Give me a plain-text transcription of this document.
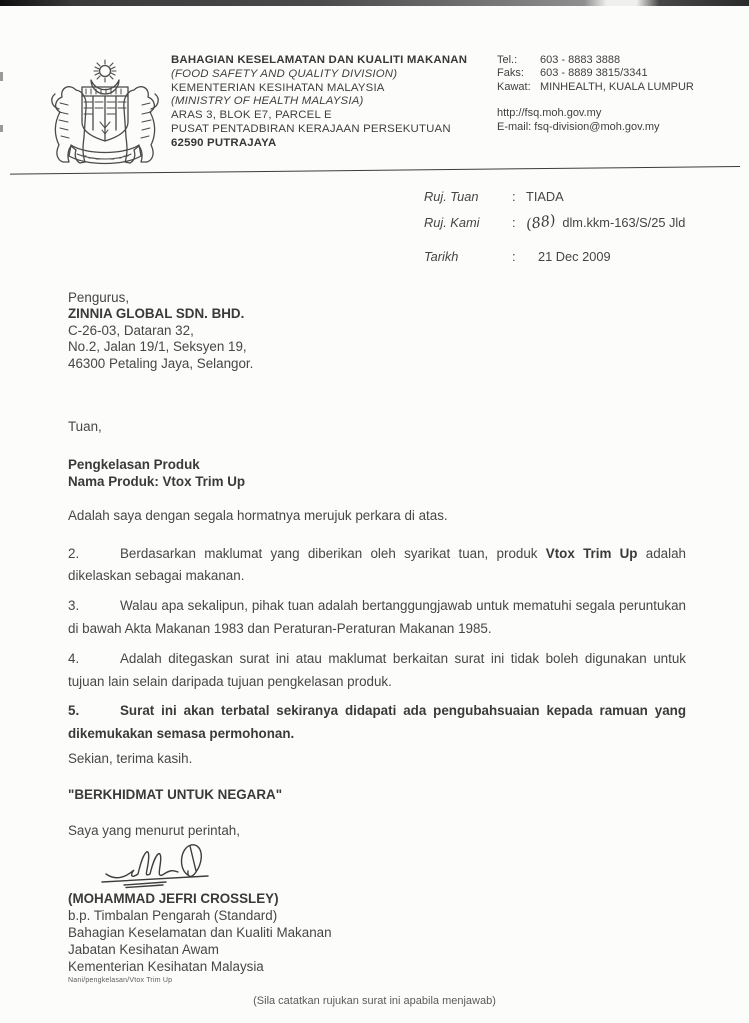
BAHAGIAN KESELAMATAN DAN KUALITI MAKANAN
(FOOD SAFETY AND QUALITY DIVISION)
KEMENTERIAN KESIHATAN MALAYSIA
(MINISTRY OF HEALTH MALAYSIA)
ARAS 3, BLOK E7, PARCEL E
PUSAT PENTADBIRAN KERAJAAN PERSEKUTUAN
62590 PUTRAJAYA
Tel.:	603 - 8883 3888
Faks:	603 - 8889 3815/3341
Kawat: MINHEALTH, KUALA LUMPUR
http://fsq.moh.gov.my
E-mail: fsq-division@moh.gov.my
Ruj. Tuan	: TIADA
Ruj. Kami	: (88) dlm.kkm-163/S/25 Jld
Tarikh	:	21 Dec 2009
Pengurus,
ZINNIA GLOBAL SDN. BHD.
C-26-03, Dataran 32,
No.2, Jalan 19/1, Seksyen 19,
46300 Petaling Jaya, Selangor.

Tuan,

Pengkelasan Produk
Nama Produk: Vtox Trim Up

Adalah saya dengan segala hormatnya merujuk perkara di atas.

2.	Berdasarkan maklumat yang diberikan oleh syarikat tuan, produk Vtox Trim Up adalah dikelaskan sebagai makanan.

3.	Walau apa sekalipun, pihak tuan adalah bertanggungjawab untuk mematuhi segala peruntukan di bawah Akta Makanan 1983 dan Peraturan-Peraturan Makanan 1985.

4.	Adalah ditegaskan surat ini atau maklumat berkaitan surat ini tidak boleh digunakan untuk tujuan lain selain daripada tujuan pengkelasan produk.

5.	Surat ini akan terbatal sekiranya didapati ada pengubahsuaian kepada ramuan yang dikemukakan semasa permohonan.

Sekian, terima kasih.

"BERKHIDMAT UNTUK NEGARA"

Saya yang menurut perintah,

(MOHAMMAD JEFRI CROSSLEY)
b.p. Timbalan Pengarah (Standard)
Bahagian Keselamatan dan Kualiti Makanan
Jabatan Kesihatan Awam
Kementerian Kesihatan Malaysia
Nani/pengkelasan/Vtox Trim Up
(Sila catatkan rujukan surat ini apabila menjawab)
